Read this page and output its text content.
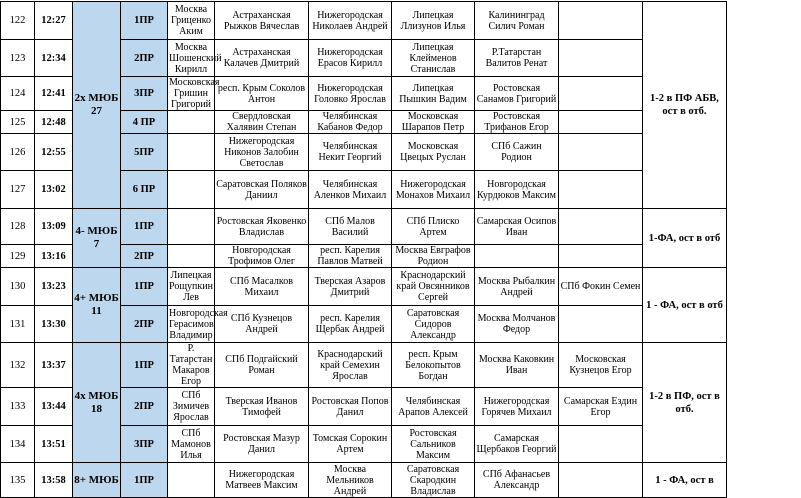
122	12:27	2х МЮБ 27	1ПР	Москва Гриценко Аким	Астраханская Рыжков Вячеслав	Нижегородская Николаев Андрей	Липецкая Ллизунов Илья	Калининград Силич Роман		1-2 в ПФ АБВ, ост в отб.
123	12:34		2ПР	Москва Шошенский Кирилл	Астраханская Калачев Дмитрий	Нижегородская Ерасов Кирилл	Липецкая Клейменов Станислав	Р.Татарстан Валитов Ренат		
124	12:41		3ПР	Московская Гришин Григорий	респ. Крым Соколов Антон	Нижегородская Головко Ярослав	Липецкая Пышкин Вадим	Ростовская Санамов Григорий		
125	12:48		4 ПР		Свердловская Халявин Степан	Челябинская Кабанов Федор	Московская Шарапов Петр	Ростовская Трифанов Егор		
126	12:55		5ПР		Нижегородская Никонов Залобин Светослав	Челябинская Некит Георгий	Московская Цвецых Руслан	СПб Сажин Родион		
127	13:02		6 ПР		Саратовская Поляков Даниил	Челябинская Аленков Михаил	Нижегородская Монахов Михаил	Новгородская Курдюков Максим		
128	13:09	4- МЮБ 7	1ПР		Ростовская Яковенко Владислав	СПб Малов Василий	СПб Плиско Артем	Самарская Осипов Иван		1-ФА, ост в отб
129	13:16		2ПР		Новгородская Трофимов Олег	респ. Карелия Павлов Матвей	Москва Евграфов Родион			
130	13:23	4+ МЮБ 11	1ПР	Липецкая Рощупкин Лев	СПб Масалков Михаил	Тверская Азаров Дмитрий	Краснодарский край Овсянников Сергей	Москва Рыбалкин Андрей	СПб Фокин Семен	1 - ФА, ост в отб
131	13:30		2ПР	Новгородская Герасимов Владимир	СПб Кузнецов Андрей	респ. Карелия Щербак Андрей	Саратовская Сидоров Александр	Москва Молчанов Федор		
132	13:37	4х МЮБ 18	1ПР	Р. Татарстан Макаров Егор	СПб Подгайский Роман	Краснодарский край Семехин Ярослав	респ. Крым Белокопытов Богдан	Москва Каковкин Иван	Московская Кузнецов Егор	1-2 в ПФ, ост в отб.
133	13:44		2ПР	СПб Зимичев Ярослав	Тверская Иванов Тимофей	Ростовская Попов Данил	Челябинская Арапов Алексей	Нижегородская Горячев Михаил	Самарская Ездин Егор	
134	13:51		3ПР	СПб Мамонов Илья	Ростовская Мазур Данил	Томская Сорокин Артем	Ростовская Сальников Максим	Самарская Щербаков Георгий		
135	13:58	8+ МЮБ	1ПР		Нижегородская Матвеев Максим	Москва Мельников Андрей	Саратовская Скародкин Владислав	СПб Афанасьев Александр		1 - ФА, ост в
